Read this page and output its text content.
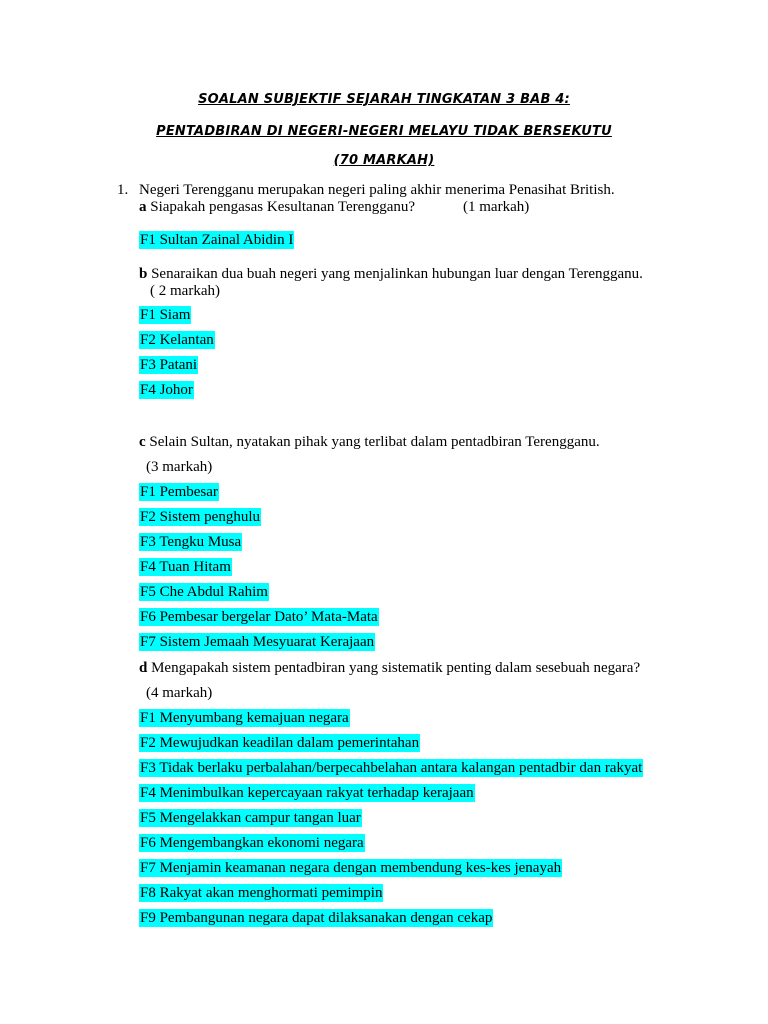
SOALAN SUBJEKTIF SEJARAH TINGKATAN 3 BAB 4:
PENTADBIRAN DI NEGERI-NEGERI MELAYU TIDAK BERSEKUTU
(70 MARKAH)
1. Negeri Terengganu merupakan negeri paling akhir menerima Penasihat British.
a Siapakah pengasas Kesultanan Terengganu?	(1 markah)
F1 Sultan Zainal Abidin I
b Senaraikan dua buah negeri yang menjalinkan hubungan luar dengan Terengganu.
( 2 markah)
F1 Siam
F2 Kelantan
F3 Patani
F4 Johor
c Selain Sultan, nyatakan pihak yang terlibat dalam pentadbiran Terengganu.
(3 markah)
F1 Pembesar
F2 Sistem penghulu
F3 Tengku Musa
F4 Tuan Hitam
F5 Che Abdul Rahim
F6 Pembesar bergelar Dato’ Mata-Mata
F7 Sistem Jemaah Mesyuarat Kerajaan
d Mengapakah sistem pentadbiran yang sistematik penting dalam sesebuah negara?
(4 markah)
F1 Menyumbang kemajuan negara
F2 Mewujudkan keadilan dalam pemerintahan
F3 Tidak berlaku perbalahan/berpecahbelahan antara kalangan pentadbir dan rakyat
F4 Menimbulkan kepercayaan rakyat terhadap kerajaan
F5 Mengelakkan campur tangan luar
F6 Mengembangkan ekonomi negara
F7 Menjamin keamanan negara dengan membendung kes-kes jenayah
F8 Rakyat akan menghormati pemimpin
F9 Pembangunan negara dapat dilaksanakan dengan cekap
